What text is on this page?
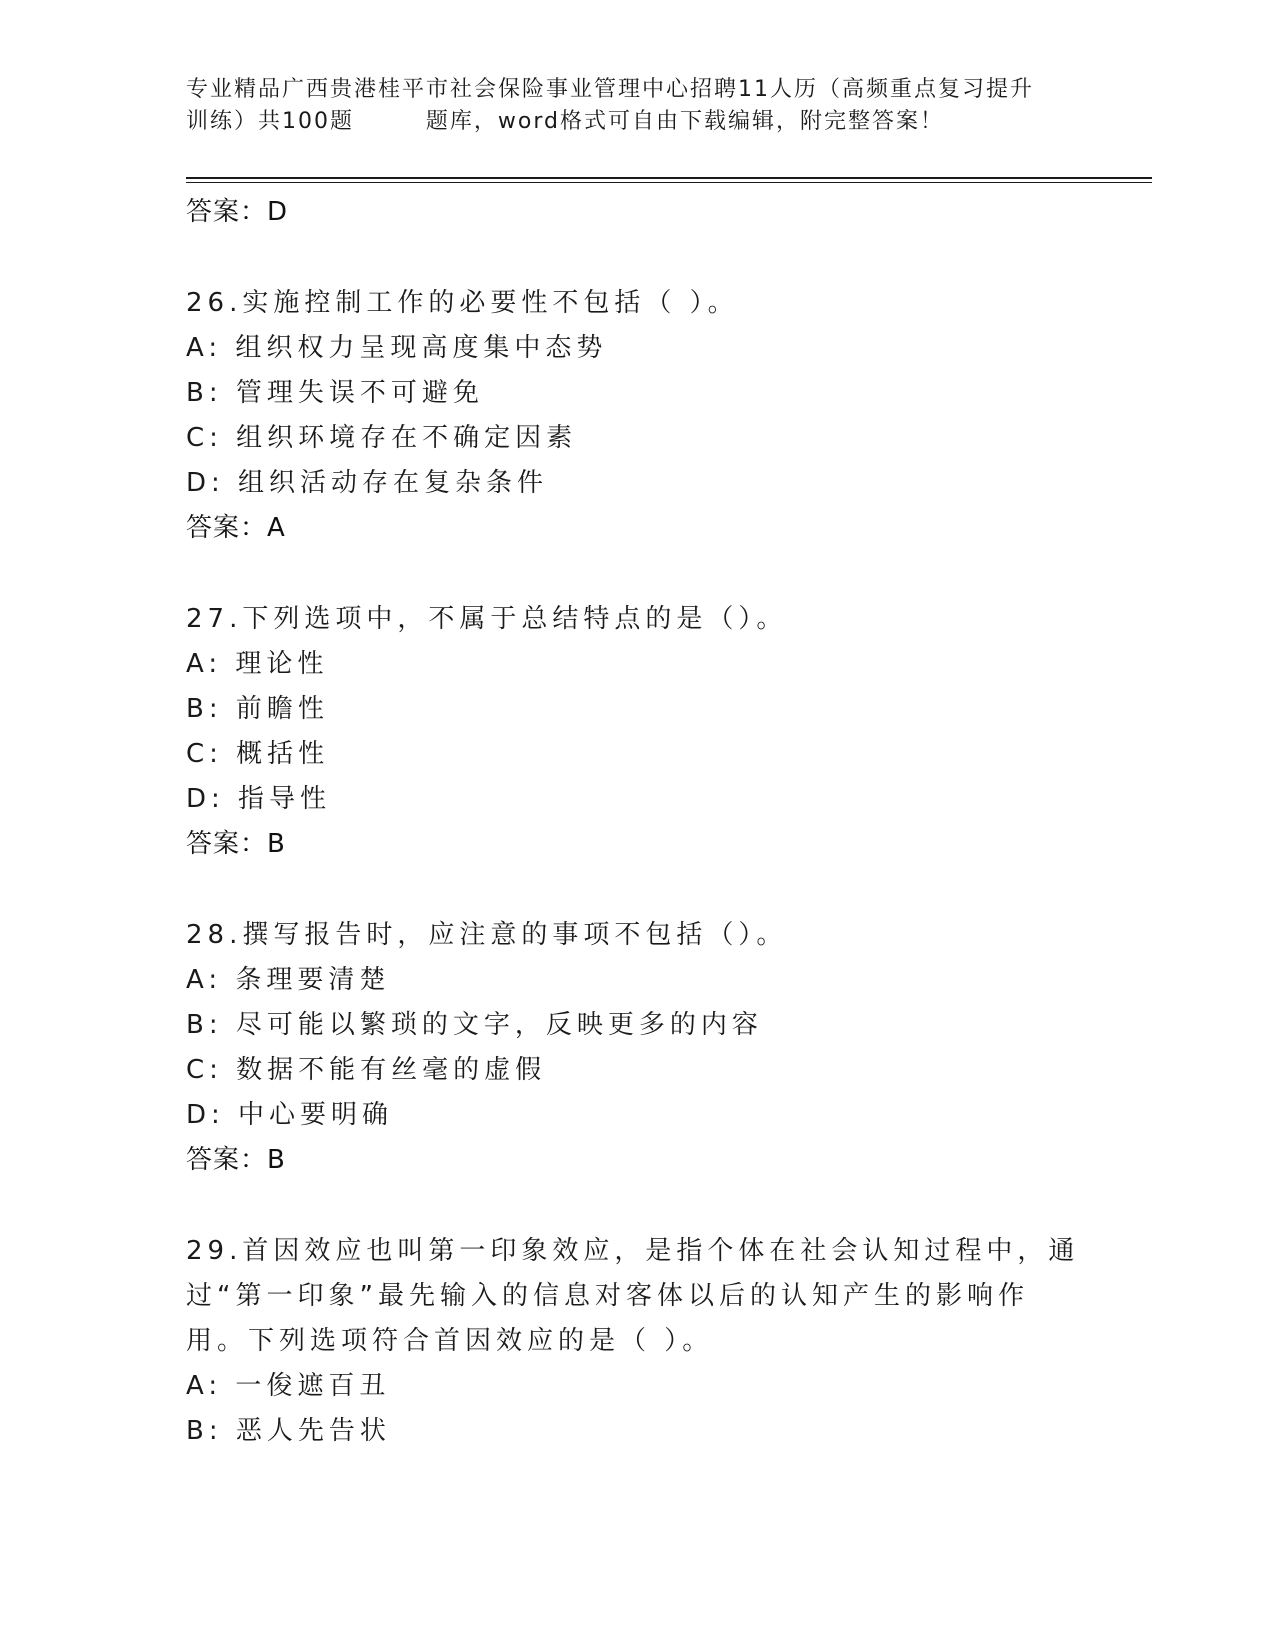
专业精品广西贵港桂平市社会保险事业管理中心招聘11人历（高频重点复习提升
训练）共100题        题库，word格式可自由下载编辑，附完整答案！
答案：D
26.实施控制工作的必要性不包括（ ）。
A: 组织权力呈现高度集中态势
B: 管理失误不可避免
C: 组织环境存在不确定因素
D: 组织活动存在复杂条件
答案：A
27.下列选项中，不属于总结特点的是（）。
A: 理论性
B: 前瞻性
C: 概括性
D: 指导性
答案：B
28.撰写报告时，应注意的事项不包括（）。
A: 条理要清楚
B: 尽可能以繁琐的文字，反映更多的内容
C: 数据不能有丝毫的虚假
D: 中心要明确
答案：B
29.首因效应也叫第一印象效应，是指个体在社会认知过程中，通过“第一印象”最先输入的信息对客体以后的认知产生的影响作用。下列选项符合首因效应的是（ ）。
A: 一俊遮百丑
B: 恶人先告状
